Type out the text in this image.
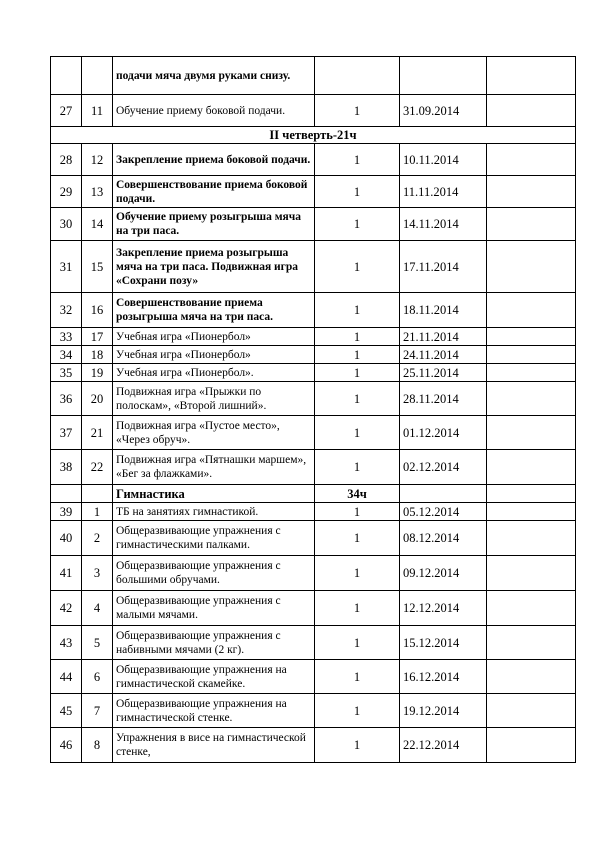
		подачи мяча двумя руками снизу.			
27	11	Обучение приему боковой подачи.	1	31.09.2014	
II четверть-21ч					
28	12	Закрепление приема боковой подачи.	1	10.11.2014	
29	13	Совершенствование приема боковой подачи.	1	11.11.2014	
30	14	Обучение приему розыгрыша мяча на три паса.	1	14.11.2014	
31	15	Закрепление приема розыгрыша мяча на три паса. Подвижная игра «Сохрани позу»	1	17.11.2014	
32	16	Совершенствование приема розыгрыша мяча на три паса.	1	18.11.2014	
33	17	Учебная игра «Пионербол»	1	21.11.2014	
34	18	Учебная игра «Пионербол»	1	24.11.2014	
35	19	Учебная игра «Пионербол».	1	25.11.2014	
36	20	Подвижная игра «Прыжки по полоскам», «Второй лишний».	1	28.11.2014	
37	21	Подвижная игра «Пустое место», «Через обруч».	1	01.12.2014	
38	22	Подвижная игра «Пятнашки маршем», «Бег за флажками».	1	02.12.2014	
		Гимнастика	34ч		
39	1	ТБ на занятиях гимнастикой.	1	05.12.2014	
40	2	Общеразвивающие упражнения с гимнастическими палками.	1	08.12.2014	
41	3	Общеразвивающие упражнения с большими обручами.	1	09.12.2014	
42	4	Общеразвивающие упражнения с малыми мячами.	1	12.12.2014	
43	5	Общеразвивающие упражнения с набивными мячами (2 кг).	1	15.12.2014	
44	6	Общеразвивающие упражнения на гимнастической скамейке.	1	16.12.2014	
45	7	Общеразвивающие упражнения на гимнастической стенке.	1	19.12.2014	
46	8	Упражнения в висе на гимнастической стенке,	1	22.12.2014	
